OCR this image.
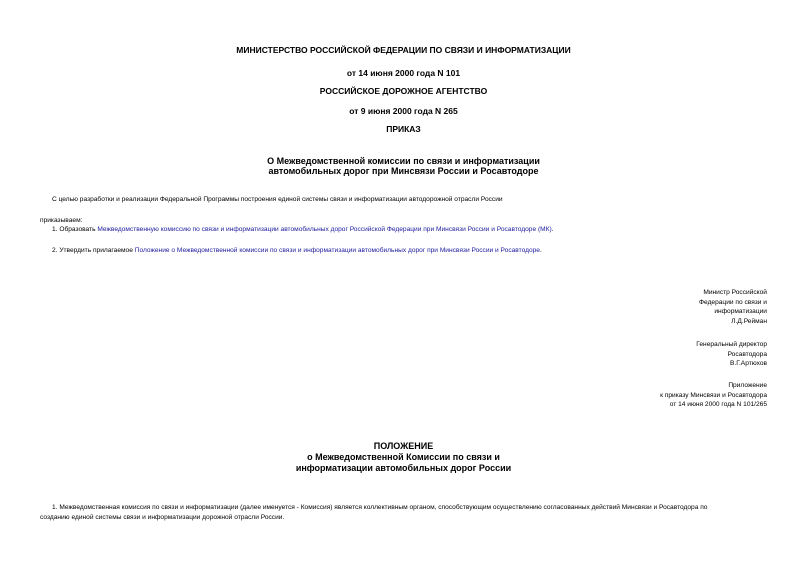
МИНИСТЕРСТВО РОССИЙСКОЙ ФЕДЕРАЦИИ ПО СВЯЗИ И ИНФОРМАТИЗАЦИИ
от 14 июня 2000 года N 101
РОССИЙСКОЕ ДОРОЖНОЕ АГЕНТСТВО
от 9 июня 2000 года N 265
ПРИКАЗ
О Межведомственной комиссии по связи и информатизации
автомобильных дорог при Минсвязи России и Росавтодоре
С целью разработки и реализации Федеральной Программы построения единой системы связи и информатизации автодорожной отрасли России
приказываем:
1. Образовать Межведомственную комиссию по связи и информатизации автомобильных дорог Российской Федерации при Минсвязи России и Росавтодоре (МК).
2. Утвердить прилагаемое Положение о Межведомственной комиссии по связи и информатизации автомобильных дорог при Минсвязи России и Росавтодоре.
Министр Российской
Федерации по связи и
информатизации
Л.Д.Рейман
Генеральный директор
Росавтодора
В.Г.Артюхов
Приложение
к приказу Минсвязи и Росавтодора
от 14 июня 2000 года N 101/265
ПОЛОЖЕНИЕ
о Межведомственной Комиссии по связи и
информатизации автомобильных дорог России
1. Межведомственная комиссия по связи и информатизации (далее именуется - Комиссия) является коллективным органом, способствующим осуществлению согласованных действий Минсвязи и Росавтодора по
созданию единой системы связи и информатизации дорожной отрасли России.
